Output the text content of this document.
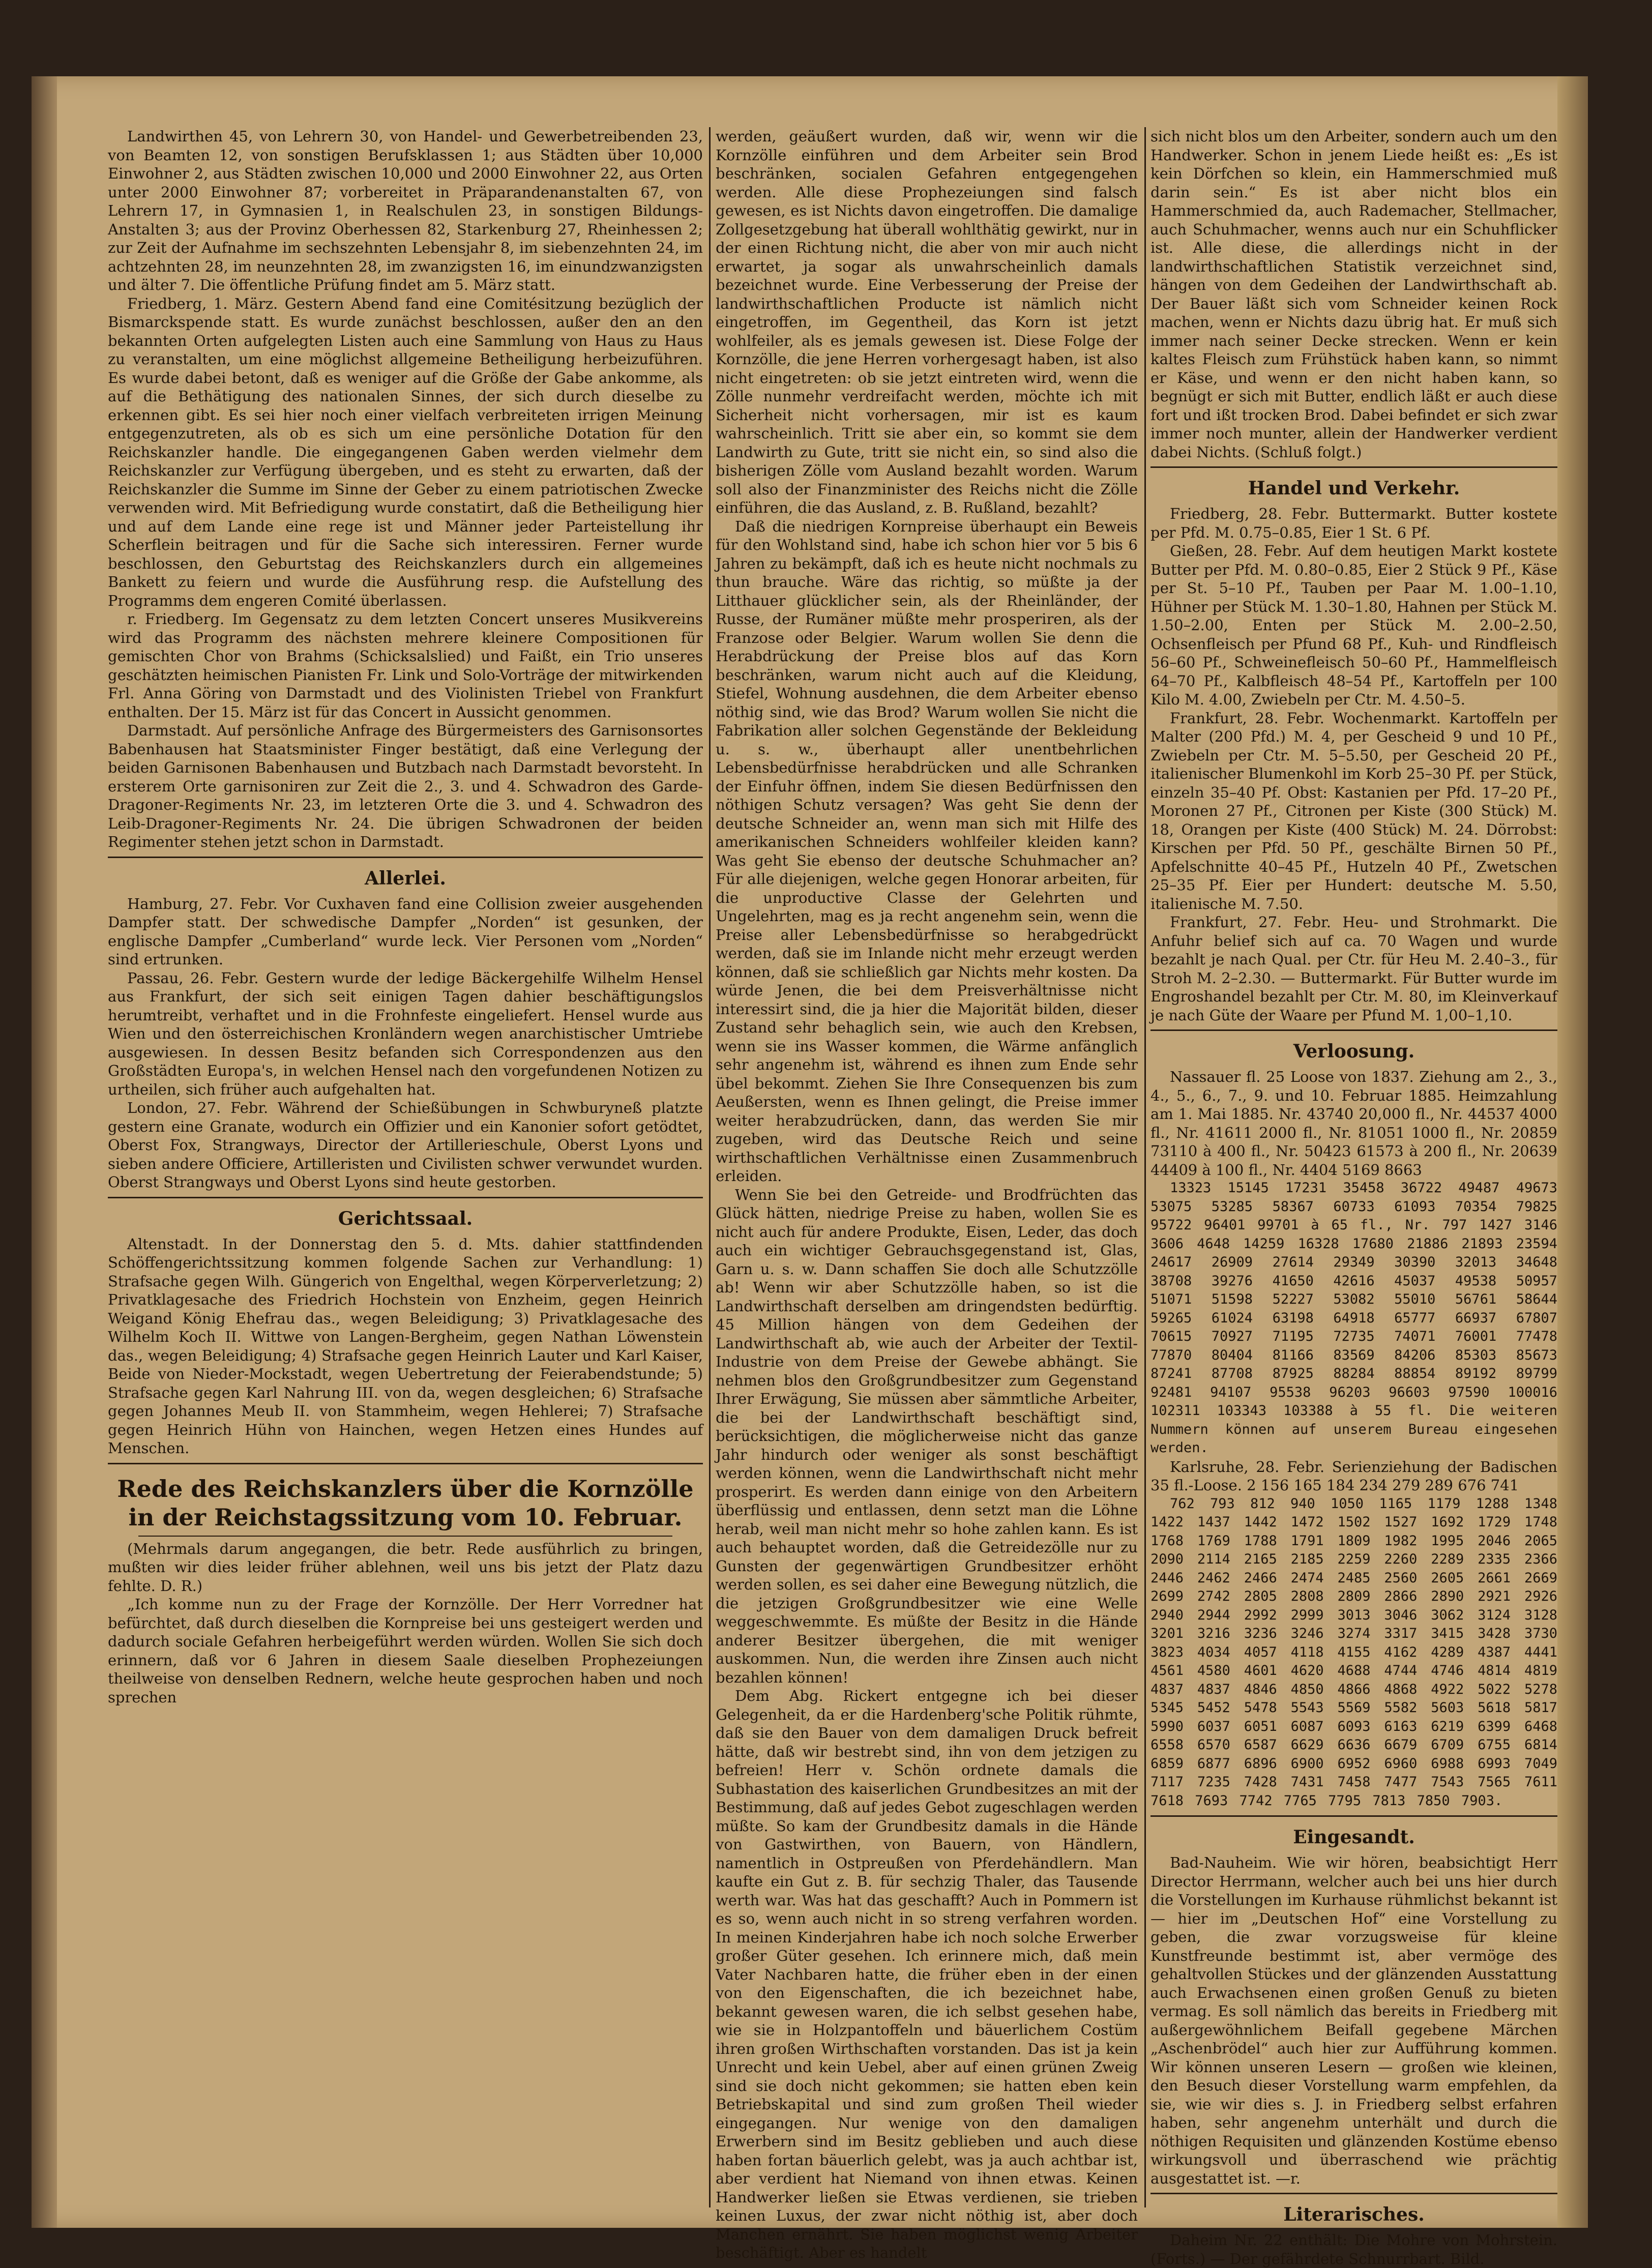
Landwirthen 45, von Lehrern 30, von Handel- und Gewerbetreibenden 23, von Beamten 12, von sonstigen Berufsklassen 1; aus Städten über 10,000 Einwohner 2, aus Städten zwischen 10,000 und 2000 Einwohner 22, aus Orten unter 2000 Einwohner 87; vorbereitet in Präparandenanstalten 67, von Lehrern 17, in Gymnasien 1, in Realschulen 23, in sonstigen Bildungs-Anstalten 3; aus der Provinz Oberhessen 82, Starkenburg 27, Rheinhessen 2; zur Zeit der Aufnahme im sechszehnten Lebensjahr 8, im siebenzehnten 24, im achtzehnten 28, im neunzehnten 28, im zwanzigsten 16, im einundzwanzigsten und älter 7. Die öffentliche Prüfung findet am 5. März statt.

Friedberg, 1. März. Gestern Abend fand eine Comitésitzung bezüglich der Bismarckspende statt. Es wurde zunächst beschlossen, außer den an den bekannten Orten aufgelegten Listen auch eine Sammlung von Haus zu Haus zu veranstalten, um eine möglichst allgemeine Betheiligung herbeizuführen. Es wurde dabei betont, daß es weniger auf die Größe der Gabe ankomme, als auf die Bethätigung des nationalen Sinnes, der sich durch dieselbe zu erkennen gibt. Es sei hier noch einer vielfach verbreiteten irrigen Meinung entgegenzutreten, als ob es sich um eine persönliche Dotation für den Reichskanzler handle. Die eingegangenen Gaben werden vielmehr dem Reichskanzler zur Verfügung übergeben, und es steht zu erwarten, daß der Reichskanzler die Summe im Sinne der Geber zu einem patriotischen Zwecke verwenden wird. Mit Befriedigung wurde constatirt, daß die Betheiligung hier und auf dem Lande eine rege ist und Männer jeder Parteistellung ihr Scherflein beitragen und für die Sache sich interessiren. Ferner wurde beschlossen, den Geburtstag des Reichskanzlers durch ein allgemeines Bankett zu feiern und wurde die Ausführung resp. die Aufstellung des Programms dem engeren Comité überlassen.

r. Friedberg. Im Gegensatz zu dem letzten Concert unseres Musikvereins wird das Programm des nächsten mehrere kleinere Compositionen für gemischten Chor von Brahms (Schicksalslied) und Faißt, ein Trio unseres geschätzten heimischen Pianisten Fr. Link und Solo-Vorträge der mitwirkenden Frl. Anna Göring von Darmstadt und des Violinisten Triebel von Frankfurt enthalten. Der 15. März ist für das Concert in Aussicht genommen.

Darmstadt. Auf persönliche Anfrage des Bürgermeisters des Garnisonsortes Babenhausen hat Staatsminister Finger bestätigt, daß eine Verlegung der beiden Garnisonen Babenhausen und Butzbach nach Darmstadt bevorsteht. In ersterem Orte garnisoniren zur Zeit die 2., 3. und 4. Schwadron des Garde-Dragoner-Regiments Nr. 23, im letzteren Orte die 3. und 4. Schwadron des Leib-Dragoner-Regiments Nr. 24. Die übrigen Schwadronen der beiden Regimenter stehen jetzt schon in Darmstadt.

Allerlei.

Hamburg, 27. Febr. Vor Cuxhaven fand eine Collision zweier ausgehenden Dampfer statt. Der schwedische Dampfer „Norden“ ist gesunken, der englische Dampfer „Cumberland“ wurde leck. Vier Personen vom „Norden“ sind ertrunken.

Passau, 26. Febr. Gestern wurde der ledige Bäckergehilfe Wilhelm Hensel aus Frankfurt, der sich seit einigen Tagen dahier beschäftigungslos herumtreibt, verhaftet und in die Frohnfeste eingeliefert. Hensel wurde aus Wien und den österreichischen Kronländern wegen anarchistischer Umtriebe ausgewiesen. In dessen Besitz befanden sich Correspondenzen aus den Großstädten Europa's, in welchen Hensel nach den vorgefundenen Notizen zu urtheilen, sich früher auch aufgehalten hat.

London, 27. Febr. Während der Schießübungen in Schwburyneß platzte gestern eine Granate, wodurch ein Offizier und ein Kanonier sofort getödtet, Oberst Fox, Strangways, Director der Artillerieschule, Oberst Lyons und sieben andere Officiere, Artilleristen und Civilisten schwer verwundet wurden. Oberst Strangways und Oberst Lyons sind heute gestorben.

Gerichtssaal.

Altenstadt. In der Donnerstag den 5. d. Mts. dahier stattfindenden Schöffengerichtssitzung kommen folgende Sachen zur Verhandlung: 1) Strafsache gegen Wilh. Güngerich von Engelthal, wegen Körperverletzung; 2) Privatklagesache des Friedrich Hochstein von Enzheim, gegen Heinrich Weigand König Ehefrau das., wegen Beleidigung; 3) Privatklagesache des Wilhelm Koch II. Wittwe von Langen-Bergheim, gegen Nathan Löwenstein das., wegen Beleidigung; 4) Strafsache gegen Heinrich Lauter und Karl Kaiser, Beide von Nieder-Mockstadt, wegen Uebertretung der Feierabendstunde; 5) Strafsache gegen Karl Nahrung III. von da, wegen desgleichen; 6) Strafsache gegen Johannes Meub II. von Stammheim, wegen Hehlerei; 7) Strafsache gegen Heinrich Hühn von Hainchen, wegen Hetzen eines Hundes auf Menschen.

Rede des Reichskanzlers über die Kornzölle in der Reichstagssitzung vom 10. Februar.

(Mehrmals darum angegangen, die betr. Rede ausführlich zu bringen, mußten wir dies leider früher ablehnen, weil uns bis jetzt der Platz dazu fehlte. D. R.)

„Ich komme nun zu der Frage der Kornzölle. Der Herr Vorredner hat befürchtet, daß durch dieselben die Kornpreise bei uns gesteigert werden und dadurch sociale Gefahren herbeigeführt werden würden. Wollen Sie sich doch erinnern, daß vor 6 Jahren in diesem Saale dieselben Prophezeiungen theilweise von denselben Rednern, welche heute gesprochen haben und noch sprechen

werden, geäußert wurden, daß wir, wenn wir die Kornzölle einführen und dem Arbeiter sein Brod beschränken, socialen Gefahren entgegengehen werden. Alle diese Prophezeiungen sind falsch gewesen, es ist Nichts davon eingetroffen. Die damalige Zollgesetzgebung hat überall wohlthätig gewirkt, nur in der einen Richtung nicht, die aber von mir auch nicht erwartet, ja sogar als unwahrscheinlich damals bezeichnet wurde. Eine Verbesserung der Preise der landwirthschaftlichen Producte ist nämlich nicht eingetroffen, im Gegentheil, das Korn ist jetzt wohlfeiler, als es jemals gewesen ist. Diese Folge der Kornzölle, die jene Herren vorhergesagt haben, ist also nicht eingetreten: ob sie jetzt eintreten wird, wenn die Zölle nunmehr verdreifacht werden, möchte ich mit Sicherheit nicht vorhersagen, mir ist es kaum wahrscheinlich. Tritt sie aber ein, so kommt sie dem Landwirth zu Gute, tritt sie nicht ein, so sind also die bisherigen Zölle vom Ausland bezahlt worden. Warum soll also der Finanzminister des Reichs nicht die Zölle einführen, die das Ausland, z. B. Rußland, bezahlt?

Daß die niedrigen Kornpreise überhaupt ein Beweis für den Wohlstand sind, habe ich schon hier vor 5 bis 6 Jahren zu bekämpft, daß ich es heute nicht nochmals zu thun brauche. Wäre das richtig, so müßte ja der Litthauer glücklicher sein, als der Rheinländer, der Russe, der Rumäner müßte mehr prosperiren, als der Franzose oder Belgier. Warum wollen Sie denn die Herabdrückung der Preise blos auf das Korn beschränken, warum nicht auch auf die Kleidung, Stiefel, Wohnung ausdehnen, die dem Arbeiter ebenso nöthig sind, wie das Brod? Warum wollen Sie nicht die Fabrikation aller solchen Gegenstände der Bekleidung u. s. w., überhaupt aller unentbehrlichen Lebensbedürfnisse herabdrücken und alle Schranken der Einfuhr öffnen, indem Sie diesen Bedürfnissen den nöthigen Schutz versagen? Was geht Sie denn der deutsche Schneider an, wenn man sich mit Hilfe des amerikanischen Schneiders wohlfeiler kleiden kann? Was geht Sie ebenso der deutsche Schuhmacher an? Für alle diejenigen, welche gegen Honorar arbeiten, für die unproductive Classe der Gelehrten und Ungelehrten, mag es ja recht angenehm sein, wenn die Preise aller Lebensbedürfnisse so herabgedrückt werden, daß sie im Inlande nicht mehr erzeugt werden können, daß sie schließlich gar Nichts mehr kosten. Da würde Jenen, die bei dem Preisverhältnisse nicht interessirt sind, die ja hier die Majorität bilden, dieser Zustand sehr behaglich sein, wie auch den Krebsen, wenn sie ins Wasser kommen, die Wärme anfänglich sehr angenehm ist, während es ihnen zum Ende sehr übel bekommt. Ziehen Sie Ihre Consequenzen bis zum Aeußersten, wenn es Ihnen gelingt, die Preise immer weiter herabzudrücken, dann, das werden Sie mir zugeben, wird das Deutsche Reich und seine wirthschaftlichen Verhältnisse einen Zusammenbruch erleiden.

Wenn Sie bei den Getreide- und Brodfrüchten das Glück hätten, niedrige Preise zu haben, wollen Sie es nicht auch für andere Produkte, Eisen, Leder, das doch auch ein wichtiger Gebrauchsgegenstand ist, Glas, Garn u. s. w. Dann schaffen Sie doch alle Schutzzölle ab! Wenn wir aber Schutzzölle haben, so ist die Landwirthschaft derselben am dringendsten bedürftig. 45 Million hängen von dem Gedeihen der Landwirthschaft ab, wie auch der Arbeiter der Textil-Industrie von dem Preise der Gewebe abhängt. Sie nehmen blos den Großgrundbesitzer zum Gegenstand Ihrer Erwägung, Sie müssen aber sämmtliche Arbeiter, die bei der Landwirthschaft beschäftigt sind, berücksichtigen, die möglicherweise nicht das ganze Jahr hindurch oder weniger als sonst beschäftigt werden können, wenn die Landwirthschaft nicht mehr prosperirt. Es werden dann einige von den Arbeitern überflüssig und entlassen, denn setzt man die Löhne herab, weil man nicht mehr so hohe zahlen kann. Es ist auch behauptet worden, daß die Getreidezölle nur zu Gunsten der gegenwärtigen Grundbesitzer erhöht werden sollen, es sei daher eine Bewegung nützlich, die die jetzigen Großgrundbesitzer wie eine Welle weggeschwemmte. Es müßte der Besitz in die Hände anderer Besitzer übergehen, die mit weniger auskommen. Nun, die werden ihre Zinsen auch nicht bezahlen können!

Dem Abg. Rickert entgegne ich bei dieser Gelegenheit, da er die Hardenberg'sche Politik rühmte, daß sie den Bauer von dem damaligen Druck befreit hätte, daß wir bestrebt sind, ihn von dem jetzigen zu befreien! Herr v. Schön ordnete damals die Subhastation des kaiserlichen Grundbesitzes an mit der Bestimmung, daß auf jedes Gebot zugeschlagen werden müßte. So kam der Grundbesitz damals in die Hände von Gastwirthen, von Bauern, von Händlern, namentlich in Ostpreußen von Pferdehändlern. Man kaufte ein Gut z. B. für sechzig Thaler, das Tausende werth war. Was hat das geschafft? Auch in Pommern ist es so, wenn auch nicht in so streng verfahren worden. In meinen Kinderjahren habe ich noch solche Erwerber großer Güter gesehen. Ich erinnere mich, daß mein Vater Nachbaren hatte, die früher eben in der einen von den Eigenschaften, die ich bezeichnet habe, bekannt gewesen waren, die ich selbst gesehen habe, wie sie in Holzpantoffeln und bäuerlichem Costüm ihren großen Wirthschaften vorstanden. Das ist ja kein Unrecht und kein Uebel, aber auf einen grünen Zweig sind sie doch nicht gekommen; sie hatten eben kein Betriebskapital und sind zum großen Theil wieder eingegangen. Nur wenige von den damaligen Erwerbern sind im Besitz geblieben und auch diese haben fortan bäuerlich gelebt, was ja auch achtbar ist, aber verdient hat Niemand von ihnen etwas. Keinen Handwerker ließen sie Etwas verdienen, sie trieben keinen Luxus, der zwar nicht nöthig ist, aber doch Manchen ernährt. Sie haben möglichst wenig Arbeiter beschäftigt. Aber es handelt

sich nicht blos um den Arbeiter, sondern auch um den Handwerker. Schon in jenem Liede heißt es: „Es ist kein Dörfchen so klein, ein Hammerschmied muß darin sein.“ Es ist aber nicht blos ein Hammerschmied da, auch Rademacher, Stellmacher, auch Schuhmacher, wenns auch nur ein Schuhflicker ist. Alle diese, die allerdings nicht in der landwirthschaftlichen Statistik verzeichnet sind, hängen von dem Gedeihen der Landwirthschaft ab. Der Bauer läßt sich vom Schneider keinen Rock machen, wenn er Nichts dazu übrig hat. Er muß sich immer nach seiner Decke strecken. Wenn er kein kaltes Fleisch zum Frühstück haben kann, so nimmt er Käse, und wenn er den nicht haben kann, so begnügt er sich mit Butter, endlich läßt er auch diese fort und ißt trocken Brod. Dabei befindet er sich zwar immer noch munter, allein der Handwerker verdient dabei Nichts. (Schluß folgt.)

Handel und Verkehr.

Friedberg, 28. Febr. Buttermarkt. Butter kostete per Pfd. M. 0.75–0.85, Eier 1 St. 6 Pf.

Gießen, 28. Febr. Auf dem heutigen Markt kostete Butter per Pfd. M. 0.80–0.85, Eier 2 Stück 9 Pf., Käse per St. 5–10 Pf., Tauben per Paar M. 1.00–1.10, Hühner per Stück M. 1.30–1.80, Hahnen per Stück M. 1.50–2.00, Enten per Stück M. 2.00–2.50, Ochsenfleisch per Pfund 68 Pf., Kuh- und Rindfleisch 56–60 Pf., Schweinefleisch 50–60 Pf., Hammelfleisch 64–70 Pf., Kalbfleisch 48–54 Pf., Kartoffeln per 100 Kilo M. 4.00, Zwiebeln per Ctr. M. 4.50–5.

Frankfurt, 28. Febr. Wochenmarkt. Kartoffeln per Malter (200 Pfd.) M. 4, per Gescheid 9 und 10 Pf., Zwiebeln per Ctr. M. 5–5.50, per Gescheid 20 Pf., italienischer Blumenkohl im Korb 25–30 Pf. per Stück, einzeln 35–40 Pf. Obst: Kastanien per Pfd. 17–20 Pf., Moronen 27 Pf., Citronen per Kiste (300 Stück) M. 18, Orangen per Kiste (400 Stück) M. 24. Dörrobst: Kirschen per Pfd. 50 Pf., geschälte Birnen 50 Pf., Apfelschnitte 40–45 Pf., Hutzeln 40 Pf., Zwetschen 25–35 Pf. Eier per Hundert: deutsche M. 5.50, italienische M. 7.50.

Frankfurt, 27. Febr. Heu- und Strohmarkt. Die Anfuhr belief sich auf ca. 70 Wagen und wurde bezahlt je nach Qual. per Ctr. für Heu M. 2.40–3., für Stroh M. 2–2.30. — Buttermarkt. Für Butter wurde im Engroshandel bezahlt per Ctr. M. 80, im Kleinverkauf je nach Güte der Waare per Pfund M. 1,00–1,10.

Verloosung.

Nassauer fl. 25 Loose von 1837. Ziehung am 2., 3., 4., 5., 6., 7., 9. und 10. Februar 1885. Heimzahlung am 1. Mai 1885. Nr. 43740 20,000 fl., Nr. 44537 4000 fl., Nr. 41611 2000 fl., Nr. 81051 1000 fl., Nr. 20859 73110 à 400 fl., Nr. 50423 61573 à 200 fl., Nr. 20639 44409 à 100 fl., Nr. 4404 5169 8663

13323 15145 17231 35458 36722 49487 49673 53075 53285 58367 60733 61093 70354 79825 95722 96401 99701 à 65 fl., Nr. 797 1427 3146 3606 4648 14259 16328 17680 21886 21893 23594 24617 26909 27614 29349 30390 32013 34648 38708 39276 41650 42616 45037 49538 50957 51071 51598 52227 53082 55010 56761 58644 59265 61024 63198 64918 65777 66937 67807 70615 70927 71195 72735 74071 76001 77478 77870 80404 81166 83569 84206 85303 85673 87241 87708 87925 88284 88854 89192 89799 92481 94107 95538 96203 96603 97590 100016 102311 103343 103388 à 55 fl. Die weiteren Nummern können auf unserem Bureau eingesehen werden.

Karlsruhe, 28. Febr. Serienziehung der Badischen 35 fl.-Loose. 2 156 165 184 234 279 289 676 741

762 793 812 940 1050 1165 1179 1288 1348 1422 1437 1442 1472 1502 1527 1692 1729 1748 1768 1769 1788 1791 1809 1982 1995 2046 2065 2090 2114 2165 2185 2259 2260 2289 2335 2366 2446 2462 2466 2474 2485 2560 2605 2661 2669 2699 2742 2805 2808 2809 2866 2890 2921 2926 2940 2944 2992 2999 3013 3046 3062 3124 3128 3201 3216 3236 3246 3274 3317 3415 3428 3730 3823 4034 4057 4118 4155 4162 4289 4387 4441 4561 4580 4601 4620 4688 4744 4746 4814 4819 4837 4837 4846 4850 4866 4868 4922 5022 5278 5345 5452 5478 5543 5569 5582 5603 5618 5817 5990 6037 6051 6087 6093 6163 6219 6399 6468 6558 6570 6587 6629 6636 6679 6709 6755 6814 6859 6877 6896 6900 6952 6960 6988 6993 7049 7117 7235 7428 7431 7458 7477 7543 7565 7611 7618 7693 7742 7765 7795 7813 7850 7903.

Eingesandt.

Bad-Nauheim. Wie wir hören, beabsichtigt Herr Director Herrmann, welcher auch bei uns hier durch die Vorstellungen im Kurhause rühmlichst bekannt ist — hier im „Deutschen Hof“ eine Vorstellung zu geben, die zwar vorzugsweise für kleine Kunstfreunde bestimmt ist, aber vermöge des gehaltvollen Stückes und der glänzenden Ausstattung auch Erwachsenen einen großen Genuß zu bieten vermag. Es soll nämlich das bereits in Friedberg mit außergewöhnlichem Beifall gegebene Märchen „Aschenbrödel“ auch hier zur Aufführung kommen. Wir können unseren Lesern — großen wie kleinen, den Besuch dieser Vorstellung warm empfehlen, da sie, wie wir dies s. J. in Friedberg selbst erfahren haben, sehr angenehm unterhält und durch die nöthigen Requisiten und glänzenden Kostüme ebenso wirkungsvoll und überraschend wie prächtig ausgestattet ist. —r.

Literarisches.

Daheim Nr. 22 enthält: Die Mohre von Mohrstein. (Forts.) — Der gefährdete Schnurrbart. Bild.
